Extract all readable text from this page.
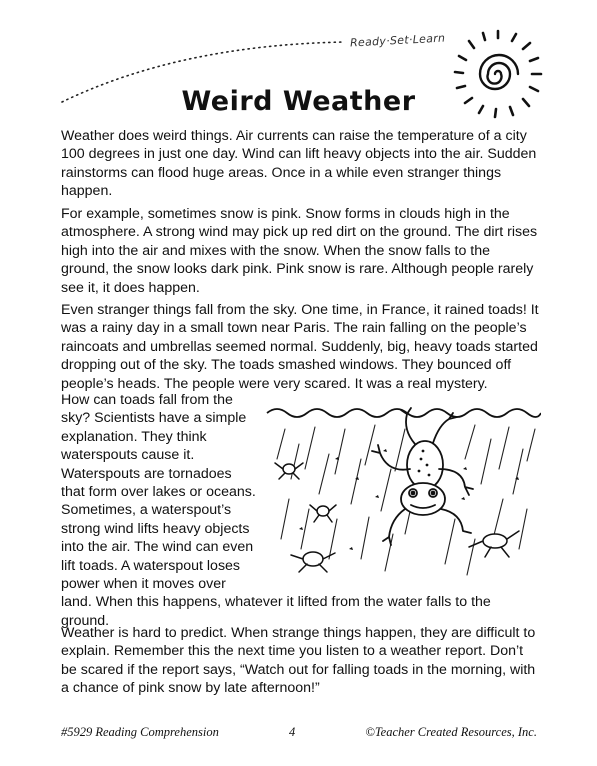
Ready·Set·Learn
Weird Weather

Weather does weird things. Air currents can raise the temperature of a city 100 degrees in just one day. Wind can lift heavy objects into the air. Sudden rainstorms can flood huge areas. Once in a while even stranger things happen.

For example, sometimes snow is pink. Snow forms in clouds high in the atmosphere. A strong wind may pick up red dirt on the ground. The dirt rises high into the air and mixes with the snow. When the snow falls to the ground, the snow looks dark pink. Pink snow is rare. Although people rarely see it, it does happen.

Even stranger things fall from the sky. One time, in France, it rained toads! It was a rainy day in a small town near Paris. The rain falling on the people’s raincoats and umbrellas seemed normal. Suddenly, big, heavy toads started dropping out of the sky. The toads smashed windows. They bounced off people’s heads. The people were very scared. It was a real mystery.

How can toads fall from the sky? Scientists have a simple explanation. They think waterspouts cause it. Waterspouts are tornadoes that form over lakes or oceans. Sometimes, a waterspout’s strong wind lifts heavy objects into the air. The wind can even lift toads. A waterspout loses power when it moves over land. When this happens, whatever it lifted from the water falls to the ground.

Weather is hard to predict. When strange things happen, they are difficult to explain. Remember this the next time you listen to a weather report. Don’t be scared if the report says, “Watch out for falling toads in the morning, with a chance of pink snow by late afternoon!”

#5929 Reading Comprehension	4	©Teacher Created Resources, Inc.
